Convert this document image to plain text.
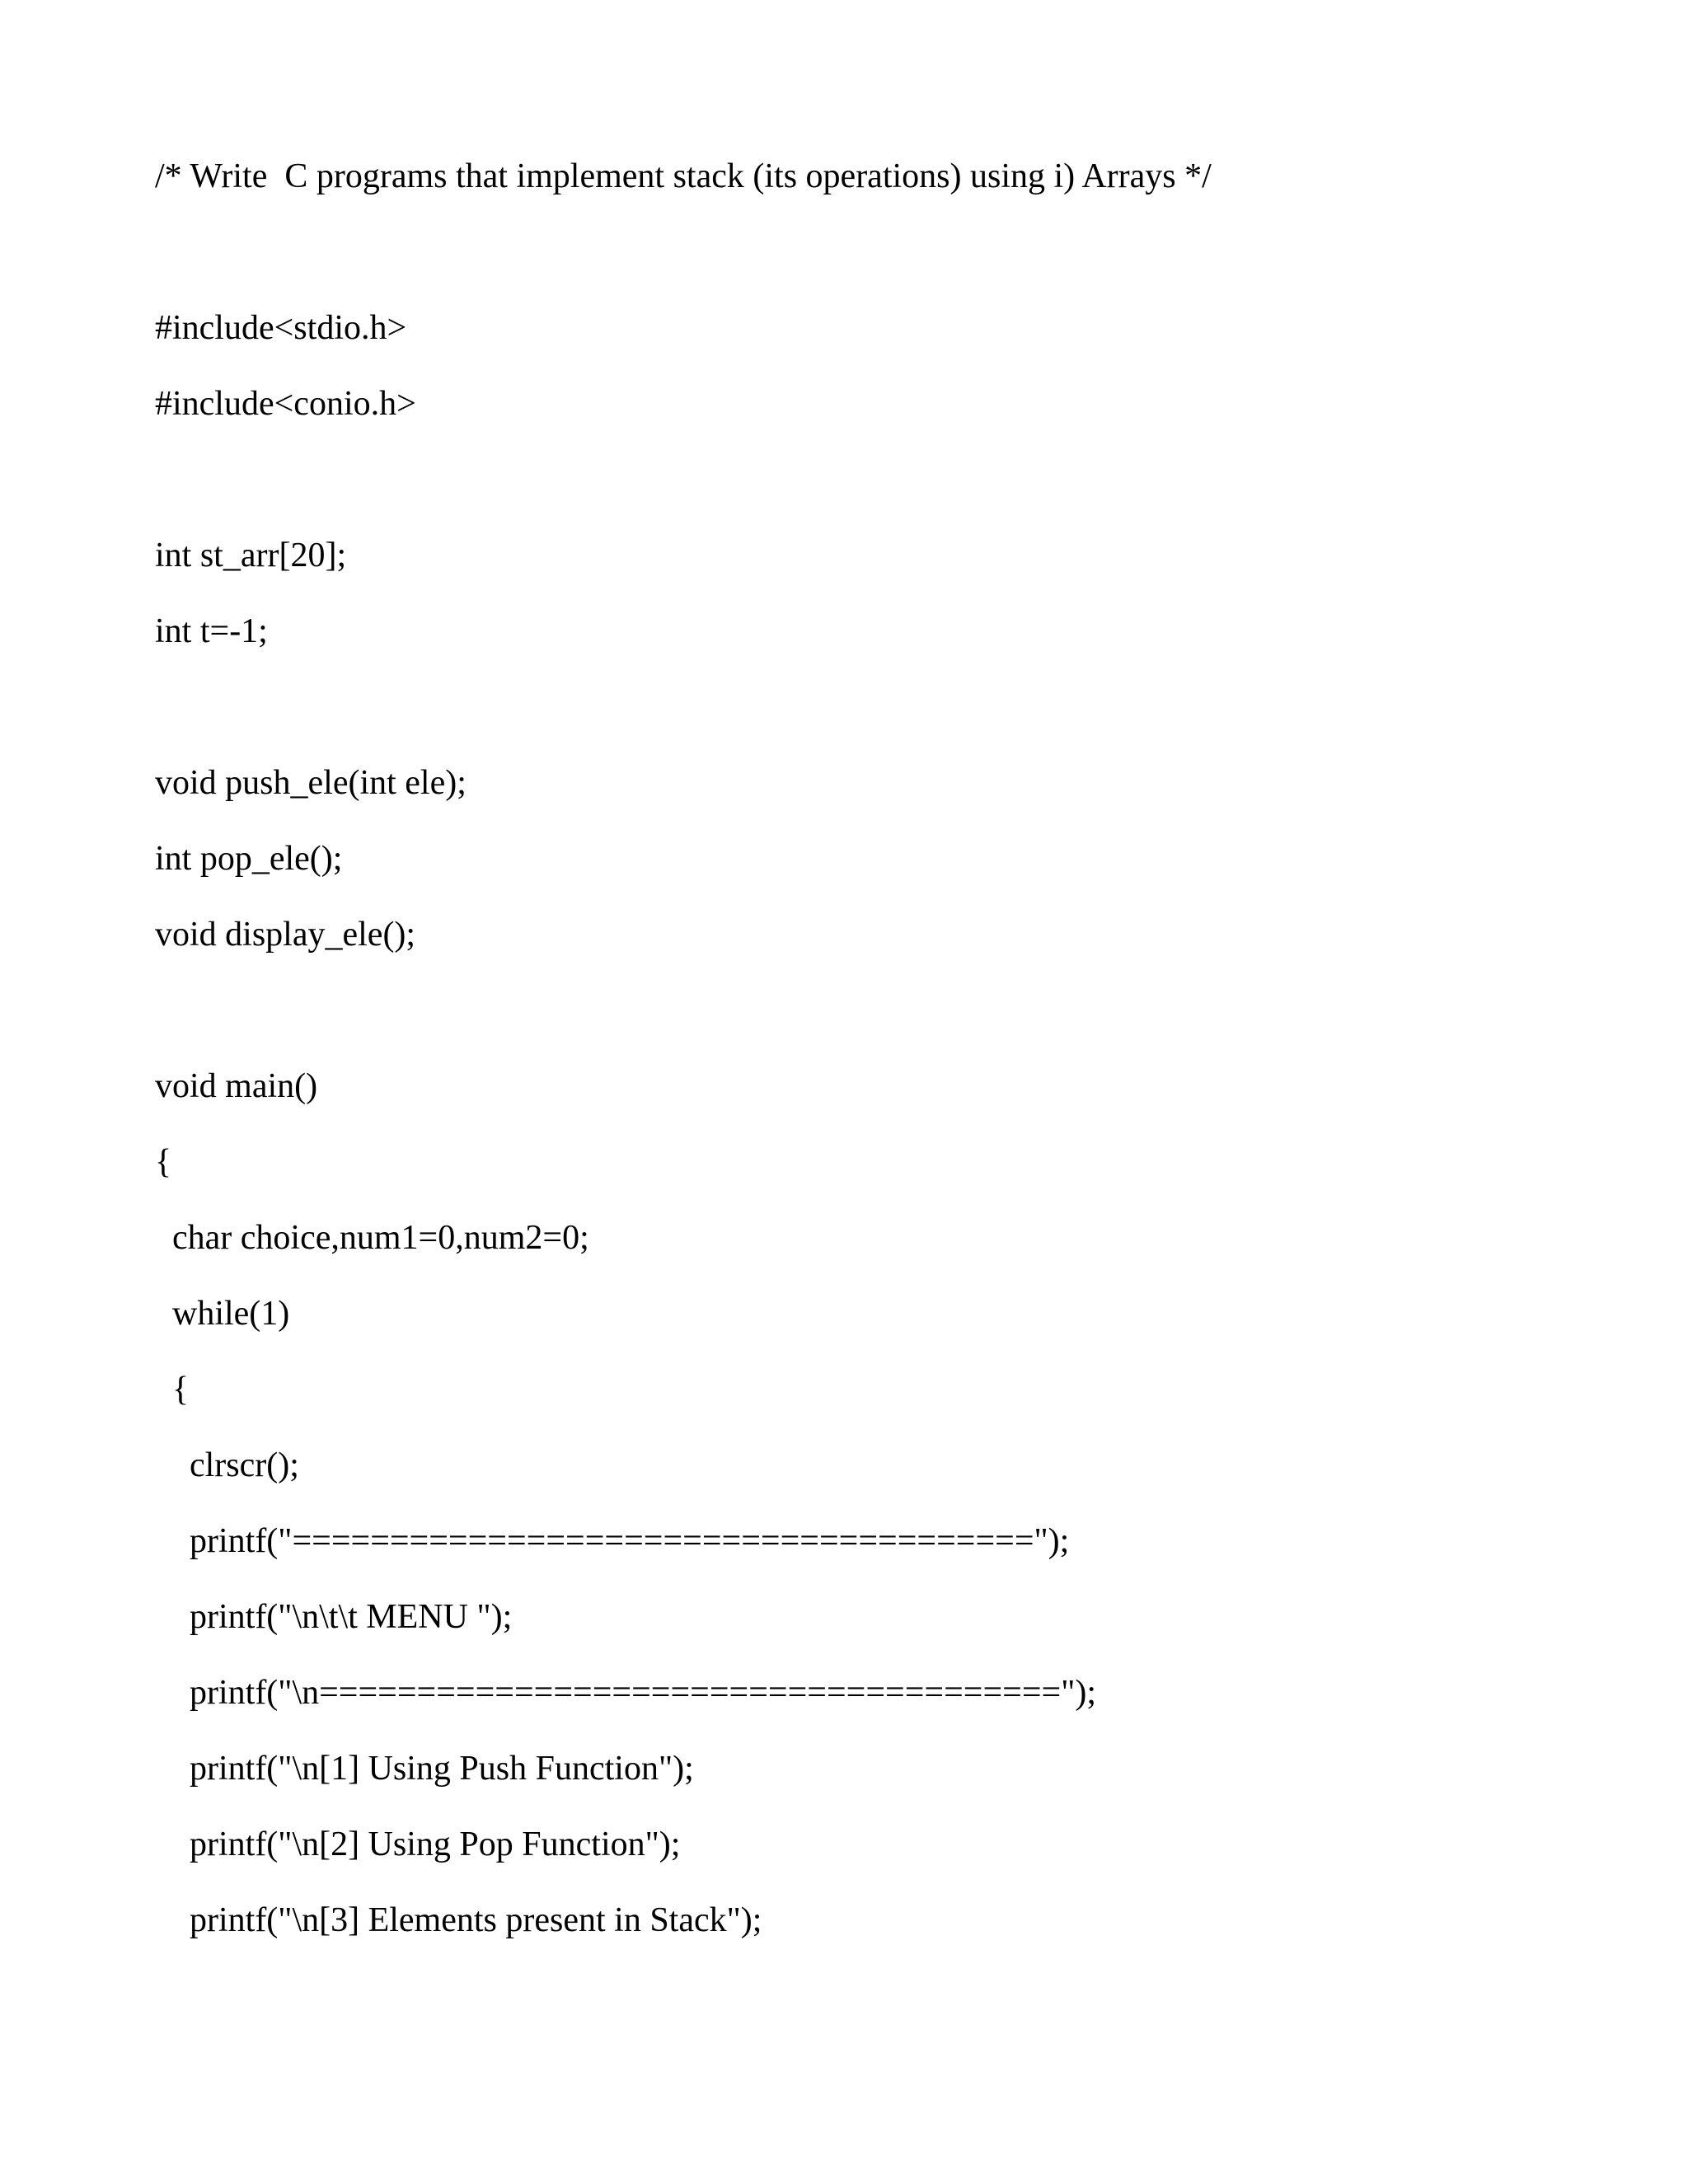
/* Write  C programs that implement stack (its operations) using i) Arrays */

#include<stdio.h>

#include<conio.h>

int st_arr[20];

int t=-1;

void push_ele(int ele);

int pop_ele();

void display_ele();

void main()

{

char choice,num1=0,num2=0;

while(1)

{

clrscr();

printf("======================================");

printf("\n\t\t MENU ");

printf("\n======================================");

printf("\n[1] Using Push Function");

printf("\n[2] Using Pop Function");

printf("\n[3] Elements present in Stack");
